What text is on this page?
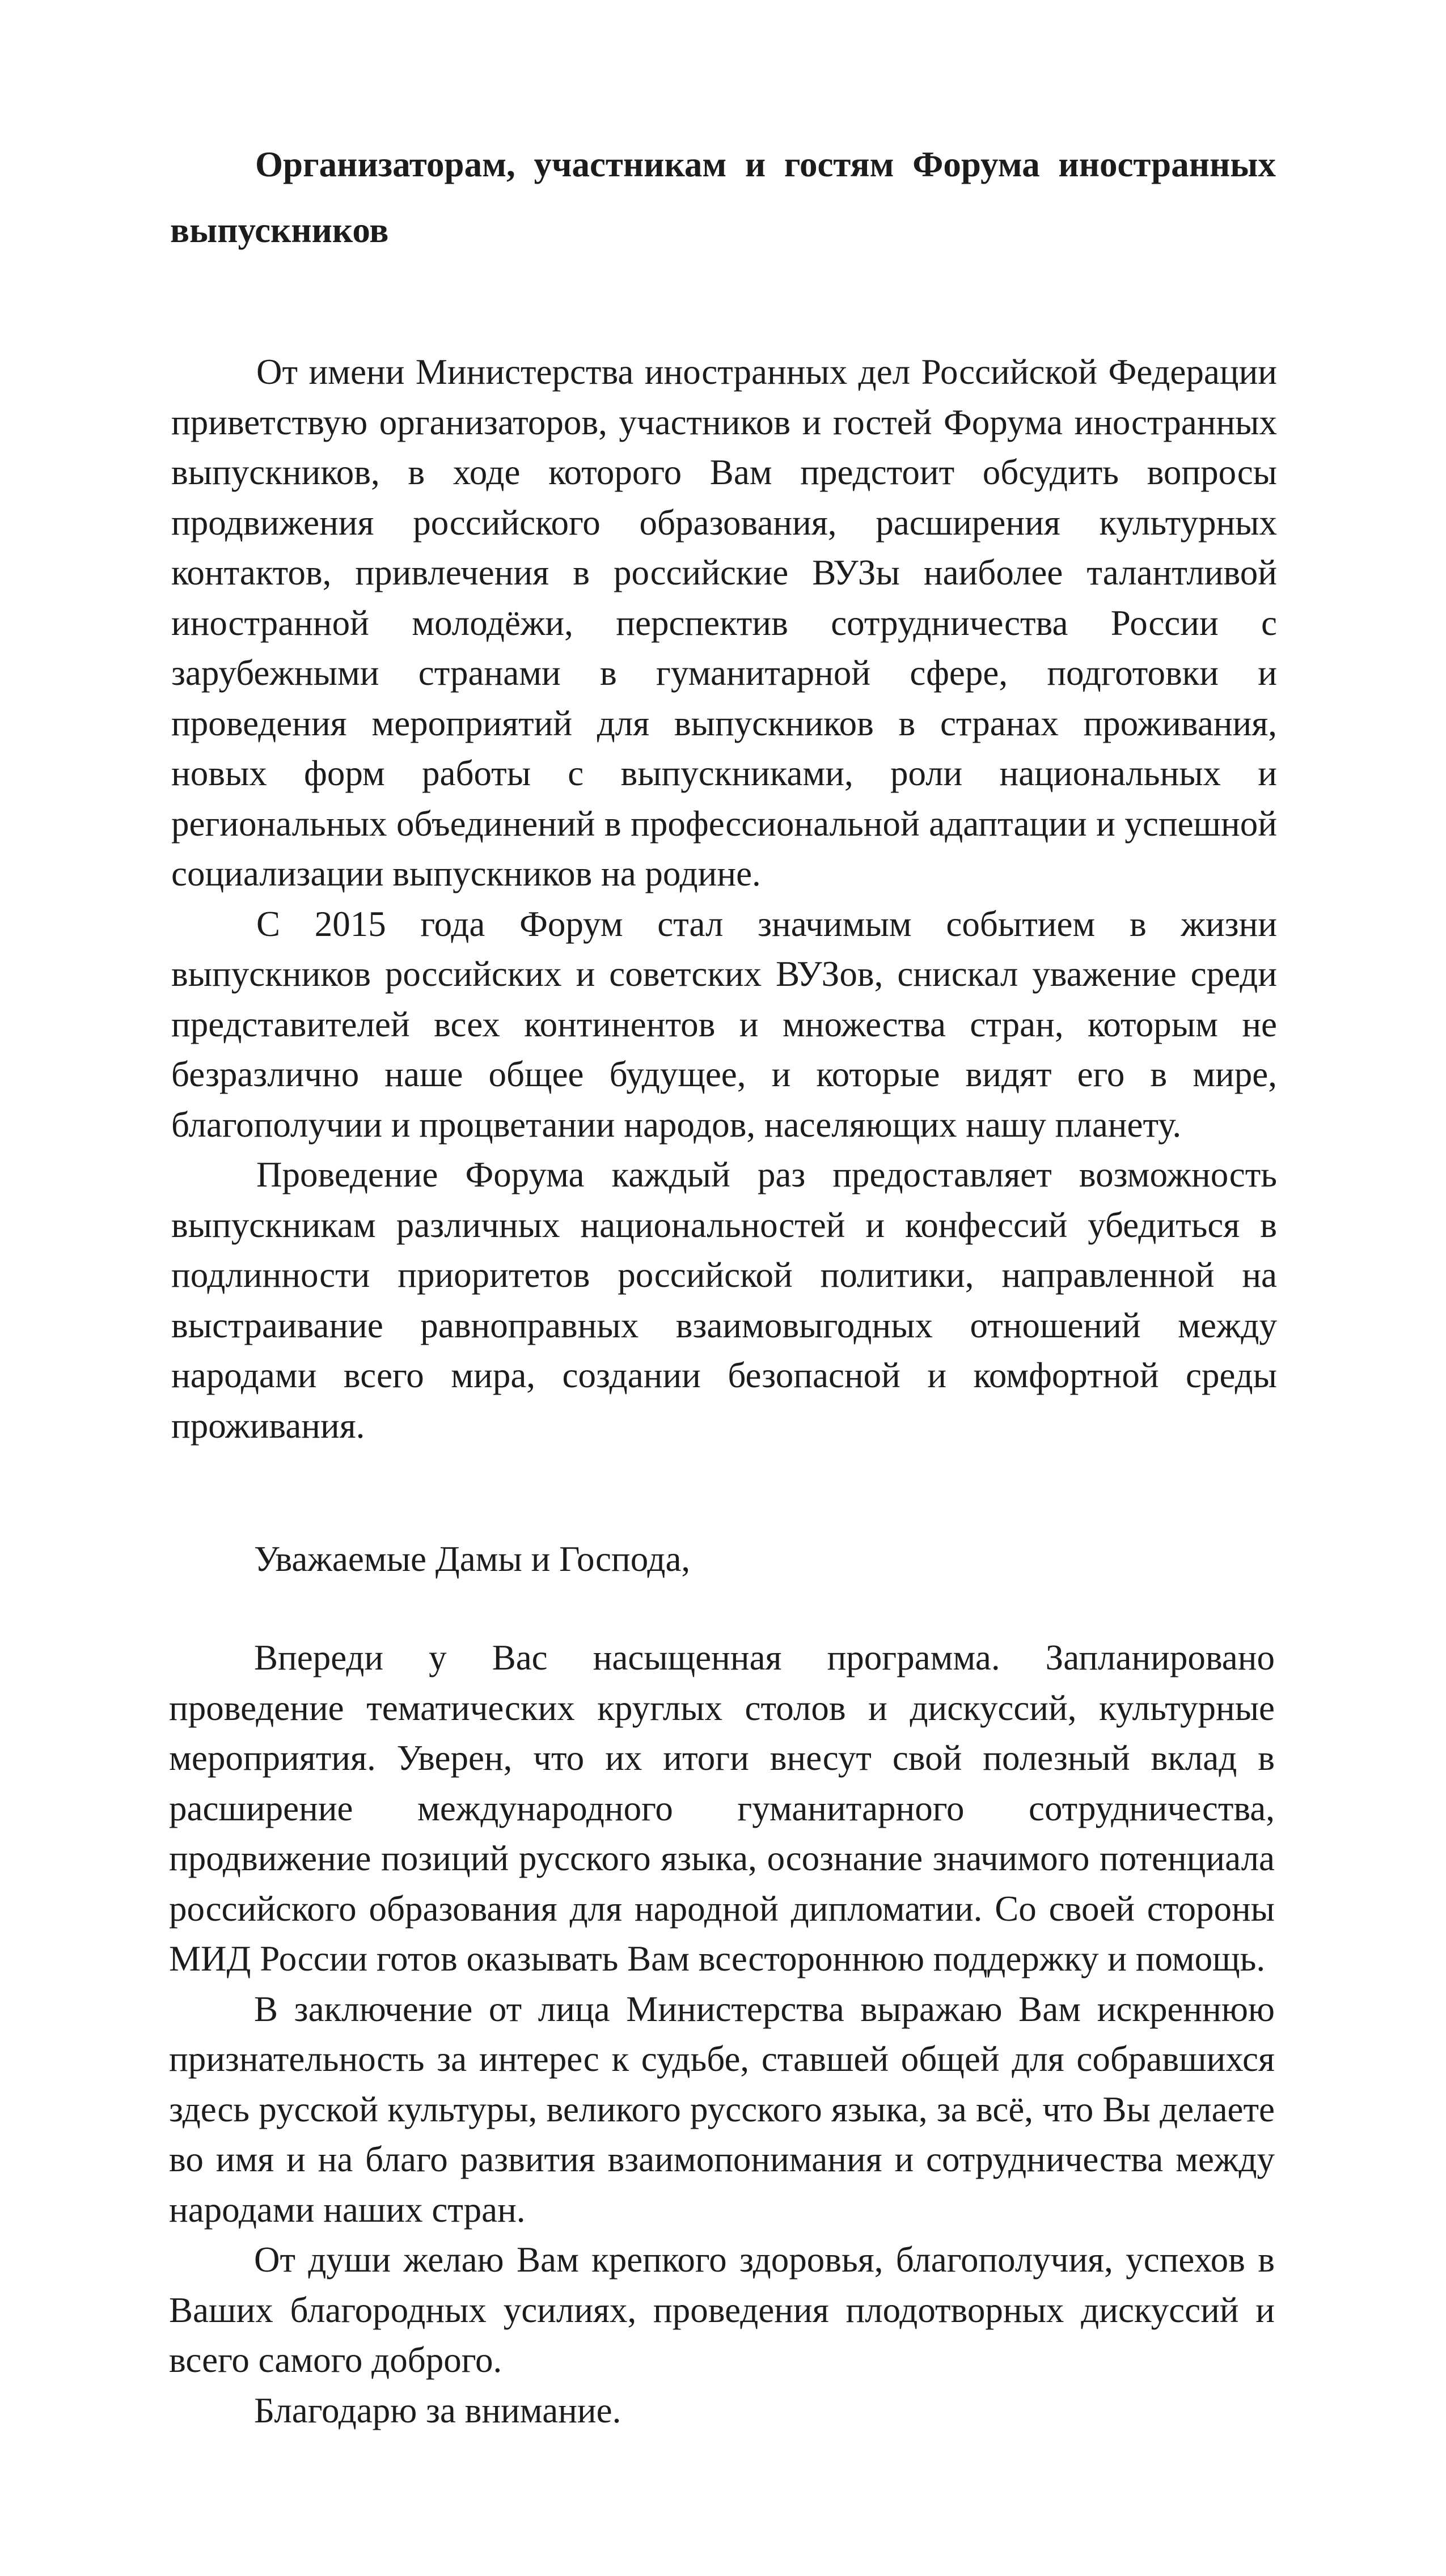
Организаторам, участникам и гостям Форума иностранных выпускников

От имени Министерства иностранных дел Российской Федерации приветствую организаторов, участников и гостей Форума иностранных выпускников, в ходе которого Вам предстоит обсудить вопросы продвижения российского образования, расширения культурных контактов, привлечения в российские ВУЗы наиболее талантливой иностранной молодёжи, перспектив сотрудничества России с зарубежными странами в гуманитарной сфере, подготовки и проведения мероприятий для выпускников в странах проживания, новых форм работы с выпускниками, роли национальных и региональных объединений в профессиональной адаптации и успешной социализации выпускников на родине.

С 2015 года Форум стал значимым событием в жизни выпускников российских и советских ВУЗов, снискал уважение среди представителей всех континентов и множества стран, которым не безразлично наше общее будущее, и которые видят его в мире, благополучии и процветании народов, населяющих нашу планету.

Проведение Форума каждый раз предоставляет возможность выпускникам различных национальностей и конфессий убедиться в подлинности приоритетов российской политики, направленной на выстраивание равноправных взаимовыгодных отношений между народами всего мира, создании безопасной и комфортной среды проживания.

Уважаемые Дамы и Господа,

Впереди у Вас насыщенная программа. Запланировано проведение тематических круглых столов и дискуссий, культурные мероприятия. Уверен, что их итоги внесут свой полезный вклад в расширение международного гуманитарного сотрудничества, продвижение позиций русского языка, осознание значимого потенциала российского образования для народной дипломатии. Со своей стороны МИД России готов оказывать Вам всестороннюю поддержку и помощь.

В заключение от лица Министерства выражаю Вам искреннюю признательность за интерес к судьбе, ставшей общей для собравшихся здесь русской культуры, великого русского языка, за всё, что Вы делаете во имя и на благо развития взаимопонимания и сотрудничества между народами наших стран.

От души желаю Вам крепкого здоровья, благополучия, успехов в Ваших благородных усилиях, проведения плодотворных дискуссий и всего самого доброго.

Благодарю за внимание.
